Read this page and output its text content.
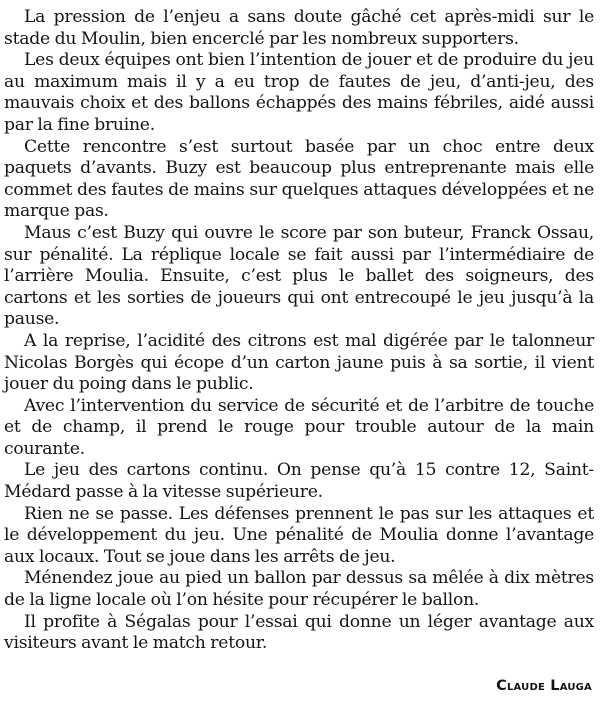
La pression de l’enjeu a sans doute gâché cet après-midi sur le stade du Moulin, bien encerclé par les nombreux supporters.

Les deux équipes ont bien l’intention de jouer et de produire du jeu au maximum mais il y a eu trop de fautes de jeu, d’anti-jeu, des mauvais choix et des ballons échappés des mains fébriles, aidé aussi par la fine bruine.

Cette rencontre s’est surtout basée par un choc entre deux paquets d’avants. Buzy est beaucoup plus entreprenante mais elle commet des fautes de mains sur quelques attaques développées et ne marque pas.

Maus c’est Buzy qui ouvre le score par son buteur, Franck Ossau, sur pénalité. La réplique locale se fait aussi par l’intermédiaire de l’arrière Moulia. Ensuite, c’est plus le ballet des soigneurs, des cartons et les sorties de joueurs qui ont entrecoupé le jeu jusqu’à la pause.

A la reprise, l’acidité des citrons est mal digérée par le talonneur Nicolas Borgès qui écope d’un carton jaune puis à sa sortie, il vient jouer du poing dans le public.

Avec l’intervention du service de sécurité et de l’arbitre de touche et de champ, il prend le rouge pour trouble autour de la main courante.

Le jeu des cartons continu. On pense qu’à 15 contre 12, Saint-Médard passe à la vitesse supérieure.

Rien ne se passe. Les défenses prennent le pas sur les attaques et le développement du jeu. Une pénalité de Moulia donne l’avantage aux locaux. Tout se joue dans les arrêts de jeu.

Ménendez joue au pied un ballon par dessus sa mêlée à dix mètres de la ligne locale où l’on hésite pour récupérer le ballon.

Il profite à Ségalas pour l’essai qui donne un léger avantage aux visiteurs avant le match retour.

Claude Lauga
